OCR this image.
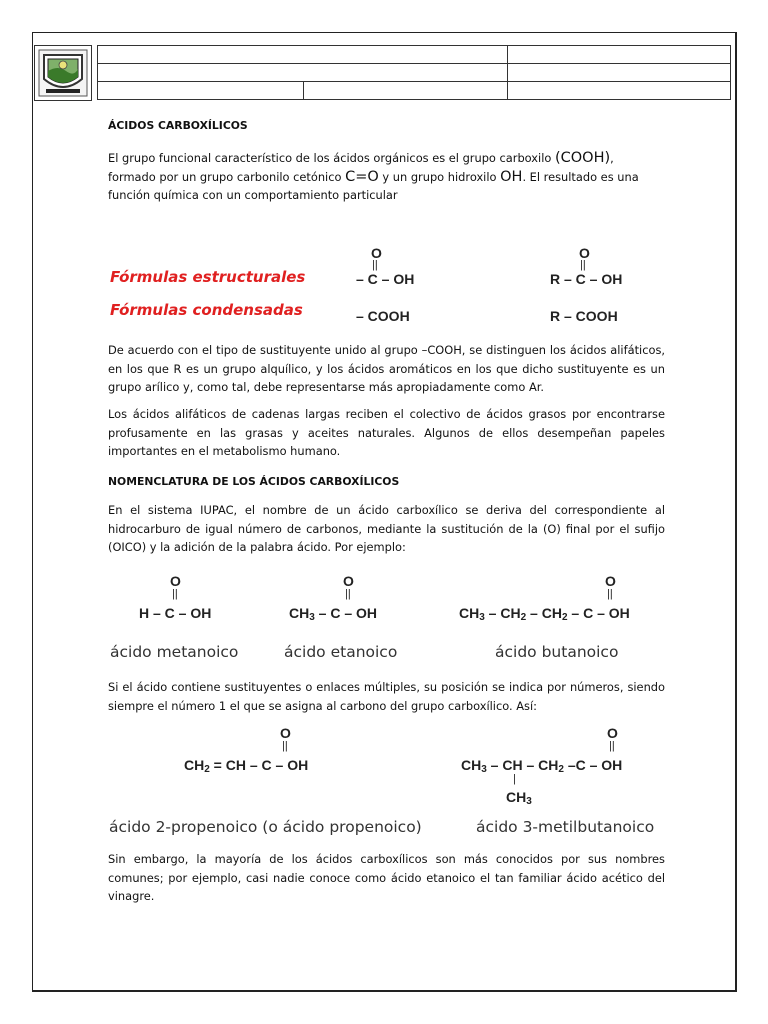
ÁCIDOS CARBOXÍLICOS

El grupo funcional característico de los ácidos orgánicos es el grupo carboxilo (COOH), formado por un grupo carbonilo cetónico C=O y un grupo hidroxilo OH. El resultado es una función química con un comportamiento particular

Fórmulas estructurales
Fórmulas condensadas
O
||
– C – OH
O
||
R – C – OH
– COOH	R – COOH

De acuerdo con el tipo de sustituyente unido al grupo –COOH, se distinguen los ácidos alifáticos, en los que R es un grupo alquílico, y los ácidos aromáticos en los que dicho sustituyente es un grupo arílico y, como tal, debe representarse más apropiadamente como Ar.

Los ácidos alifáticos de cadenas largas reciben el colectivo de ácidos grasos por encontrarse profusamente en las grasas y aceites naturales. Algunos de ellos desempeñan papeles importantes en el metabolismo humano.

NOMENCLATURA DE LOS ÁCIDOS CARBOXÍLICOS

En el sistema IUPAC, el nombre de un ácido carboxílico se deriva del correspondiente al hidrocarburo de igual número de carbonos, mediante la sustitución de la (O) final por el sufijo (OICO) y la adición de la palabra ácido. Por ejemplo:

O
||
H – C – OH
O
||
$CH_3$ – C – OH
O
||
$CH_3 - CH_2 - CH_2$ – C – OH
ácido metanoico	ácido etanoico	ácido butanoico

Si el ácido contiene sustituyentes o enlaces múltiples, su posición se indica por números, siendo siempre el número 1 el que se asigna al carbono del grupo carboxílico. Así:

O
||
$CH_2$ = CH – C – OH
O
||
$CH_3$ – CH – $CH_2$ –C – OH
|
$CH_3$
ácido 2-propenoico (o ácido propenoico)	ácido 3-metilbutanoico

Sin embargo, la mayoría de los ácidos carboxílicos son más conocidos por sus nombres comunes; por ejemplo, casi nadie conoce como ácido etanoico el tan familiar ácido acético del vinagre.
